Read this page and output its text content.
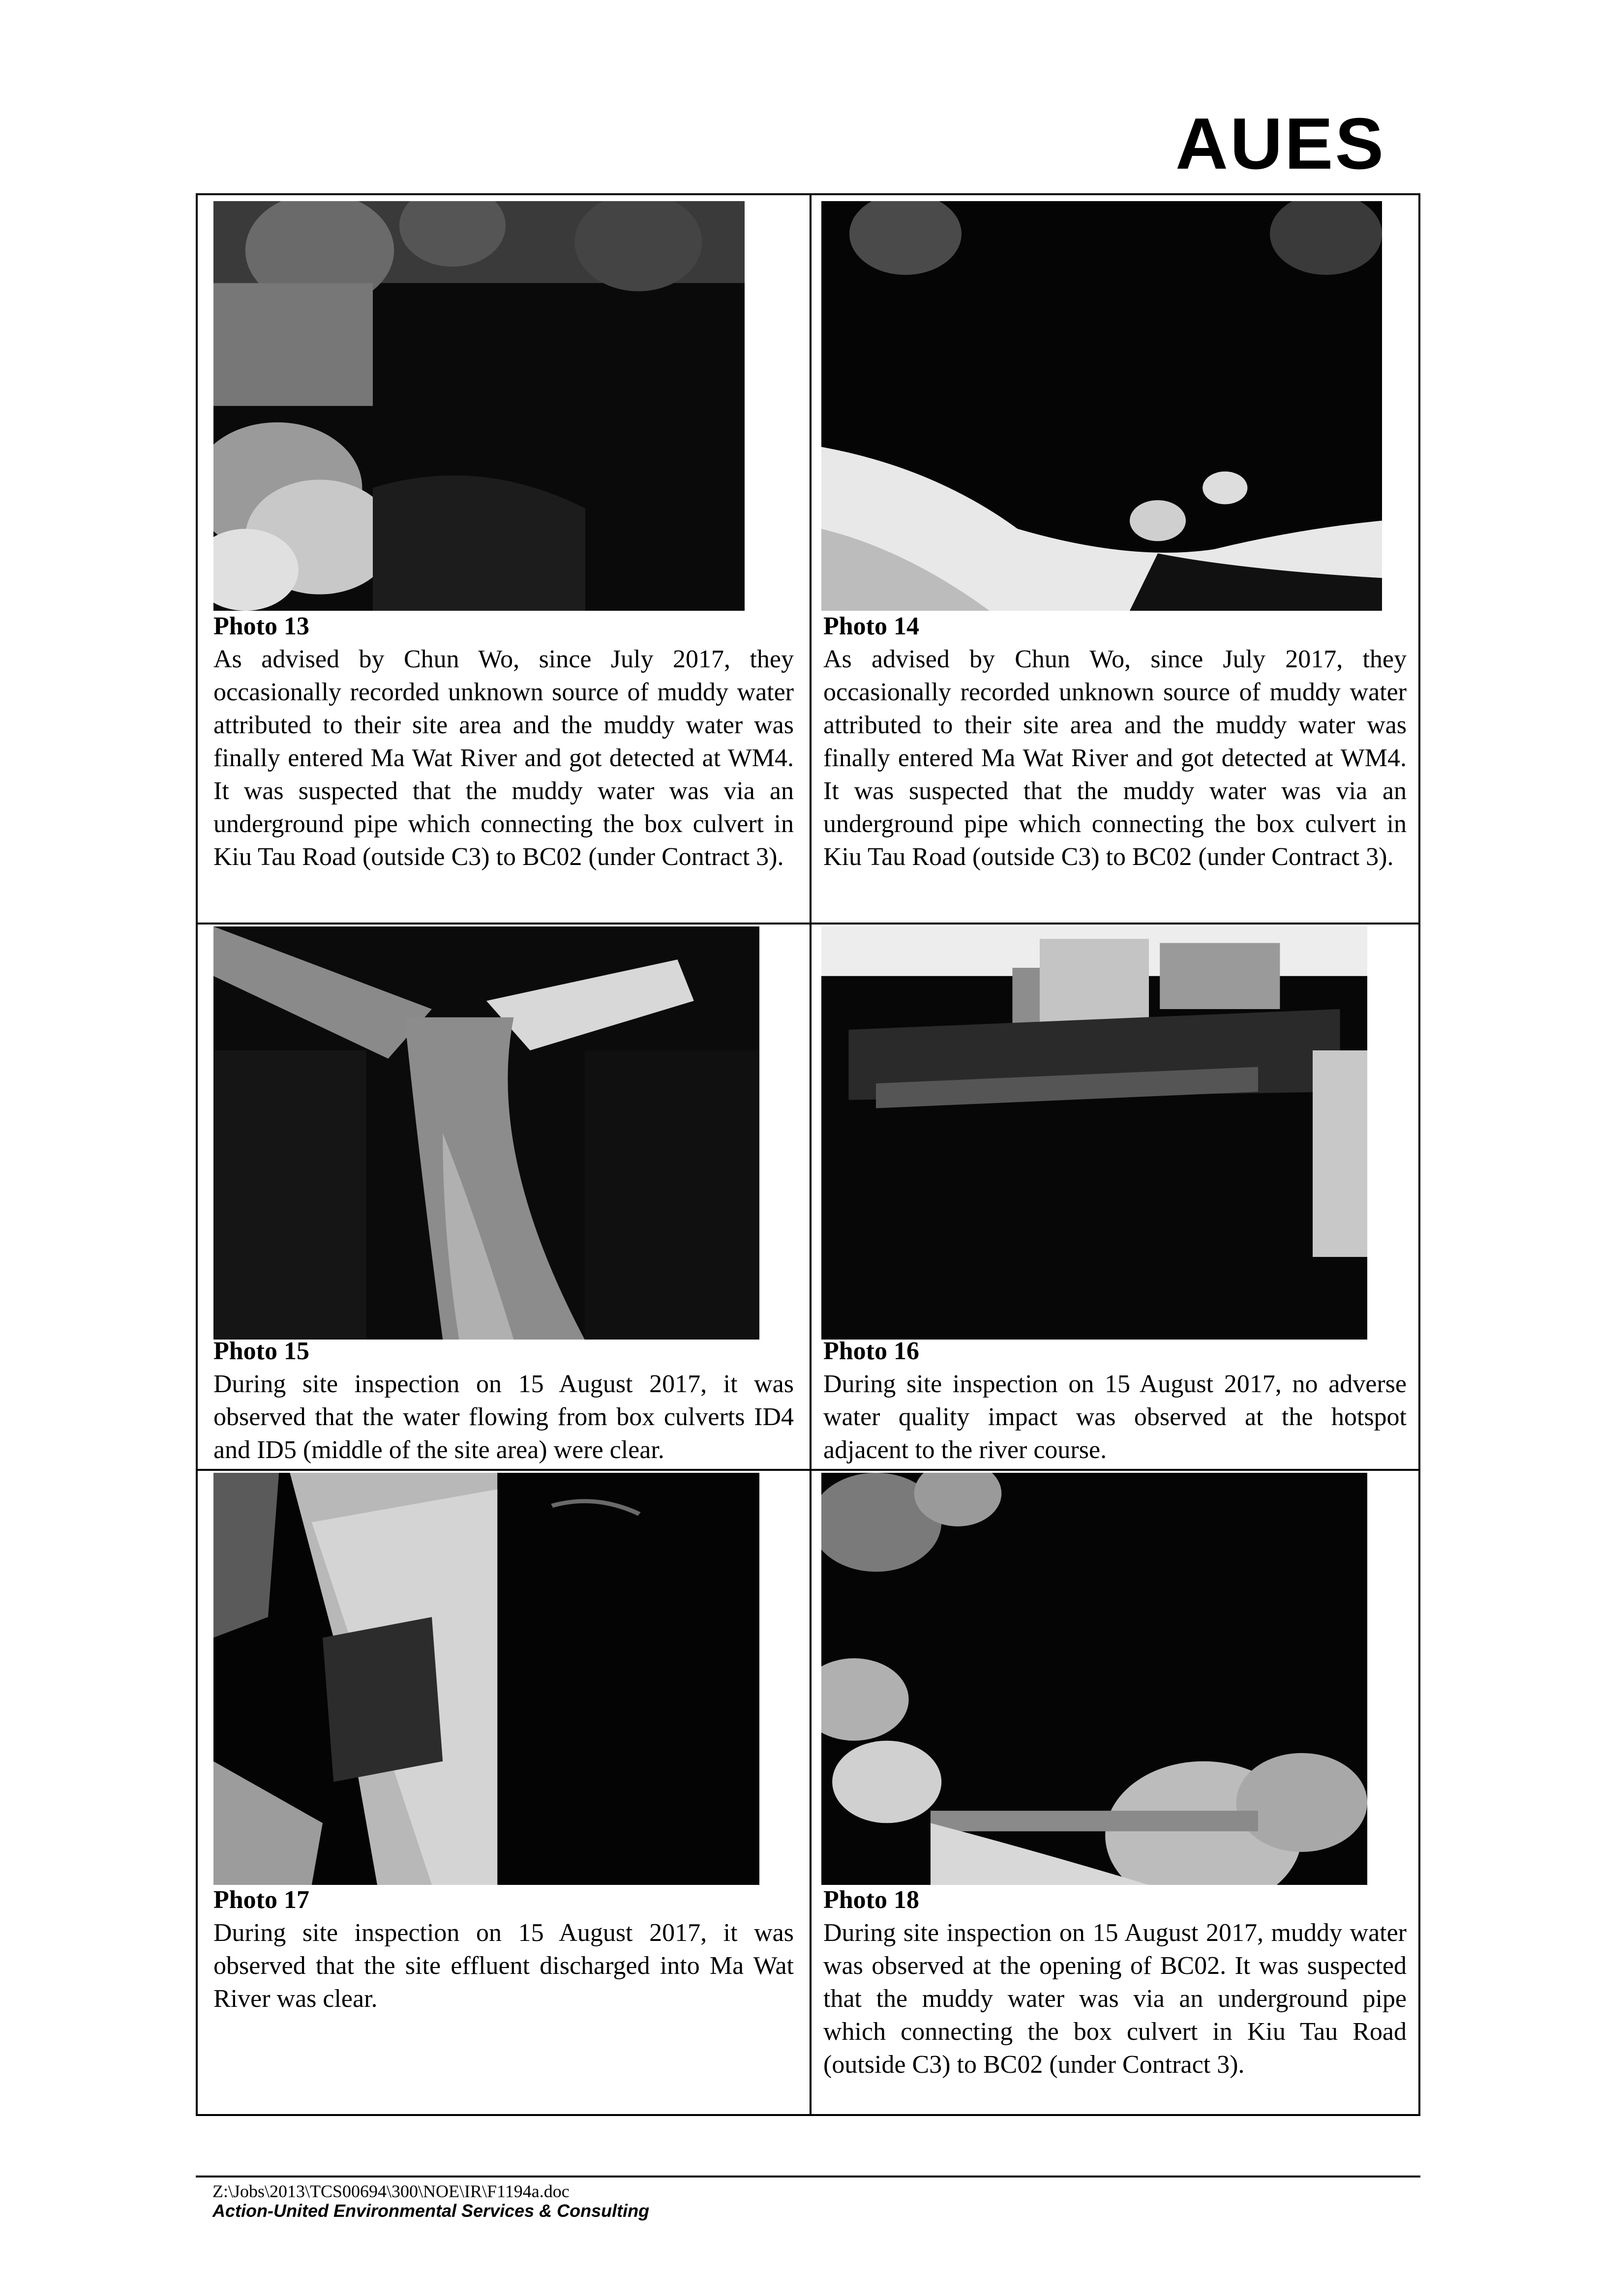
AUES
Photo 13
As advised by Chun Wo, since July 2017, they occasionally recorded unknown source of muddy water attributed to their site area and the muddy water was finally entered Ma Wat River and got detected at WM4. It was suspected that the muddy water was via an underground pipe which connecting the box culvert in Kiu Tau Road (outside C3) to BC02 (under Contract 3).
Photo 14
As advised by Chun Wo, since July 2017, they occasionally recorded unknown source of muddy water attributed to their site area and the muddy water was finally entered Ma Wat River and got detected at WM4. It was suspected that the muddy water was via an underground pipe which connecting the box culvert in Kiu Tau Road (outside C3) to BC02 (under Contract 3).
Photo 15
During site inspection on 15 August 2017, it was observed that the water flowing from box culverts ID4 and ID5 (middle of the site area) were clear.
Photo 16
During site inspection on 15 August 2017, no adverse water quality impact was observed at the hotspot adjacent to the river course.
Photo 17
During site inspection on 15 August 2017, it was observed that the site effluent discharged into Ma Wat River was clear.
Photo 18
During site inspection on 15 August 2017, muddy water was observed at the opening of BC02. It was suspected that the muddy water was via an underground pipe which connecting the box culvert in Kiu Tau Road (outside C3) to BC02 (under Contract 3).
Z:\Jobs\2013\TCS00694\300\NOE\IR\F1194a.doc
Action-United Environmental Services & Consulting
